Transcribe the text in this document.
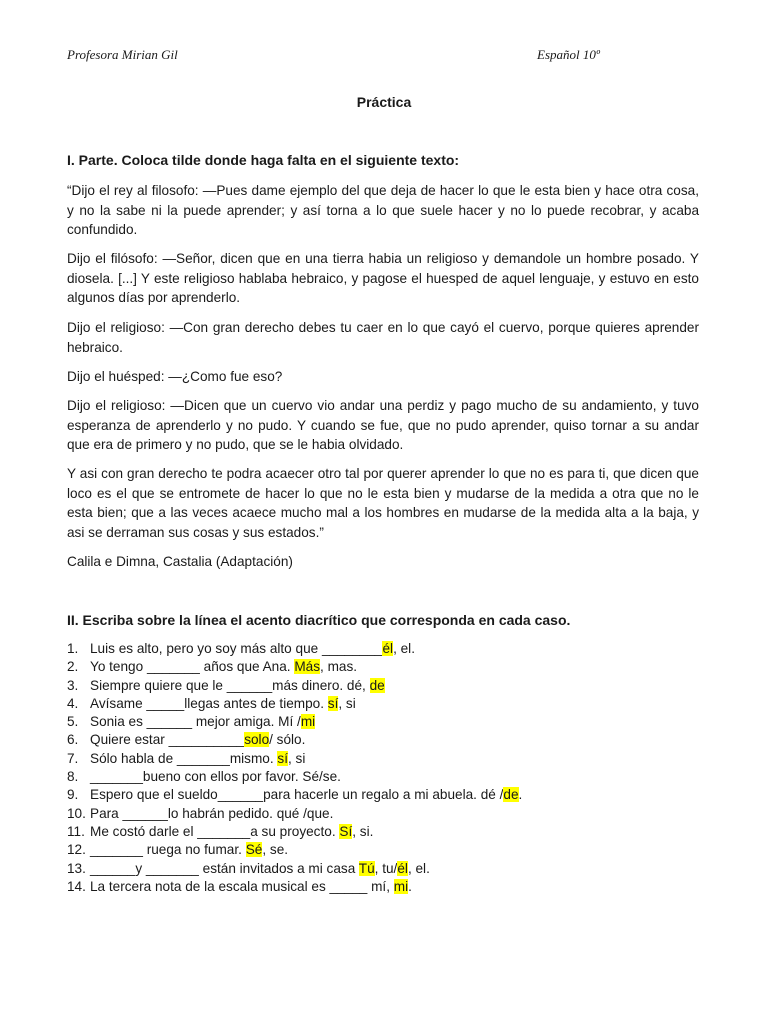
Profesora Mirian Gil	Español 10º
Práctica
I. Parte. Coloca tilde donde haga falta en el siguiente texto:
“Dijo el rey al filosofo: —Pues dame ejemplo del que deja de hacer lo que le esta bien y hace otra cosa, y no la sabe ni la puede aprender; y así torna a lo que suele hacer y no lo puede recobrar, y acaba confundido.
Dijo el filósofo: —Señor, dicen que en una tierra habia un religioso y demandole un hombre posado. Y diosela. [...] Y este religioso hablaba hebraico, y pagose el huesped de aquel lenguaje, y estuvo en esto algunos días por aprenderlo.
Dijo el religioso: —Con gran derecho debes tu caer en lo que cayó el cuervo, porque quieres aprender hebraico.
Dijo el huésped: —¿Como fue eso?
Dijo el religioso: —Dicen que un cuervo vio andar una perdiz y pago mucho de su andamiento, y tuvo esperanza de aprenderlo y no pudo. Y cuando se fue, que no pudo aprender, quiso tornar a su andar que era de primero y no pudo, que se le habia olvidado.
Y asi con gran derecho te podra acaecer otro tal por querer aprender lo que no es para ti, que dicen que loco es el que se entromete de hacer lo que no le esta bien y mudarse de la medida a otra que no le esta bien; que a las veces acaece mucho mal a los hombres en mudarse de la medida alta a la baja, y asi se derraman sus cosas y sus estados.”
Calila e Dimna, Castalia (Adaptación)
II. Escriba sobre la línea el acento diacrítico que corresponda en cada caso.
1. Luis es alto, pero yo soy más alto que ________él, el.
2. Yo tengo _______ años que Ana. Más, mas.
3. Siempre quiere que le ______más dinero. dé, de
4. Avísame _____llegas antes de tiempo. sí, si
5. Sonia es ______ mejor amiga. Mí /mi
6. Quiere estar __________solo/ sólo.
7. Sólo habla de _______mismo. sí, si
8. _______bueno con ellos por favor. Sé/se.
9. Espero que el sueldo______para hacerle un regalo a mi abuela. dé /de.
10. Para ______lo habrán pedido. qué /que.
11. Me costó darle el _______a su proyecto. Sí, si.
12. _______ ruega no fumar. Sé, se.
13. ______y _______ están invitados a mi casa Tú, tu/él, el.
14. La tercera nota de la escala musical es _____ mí, mi.
